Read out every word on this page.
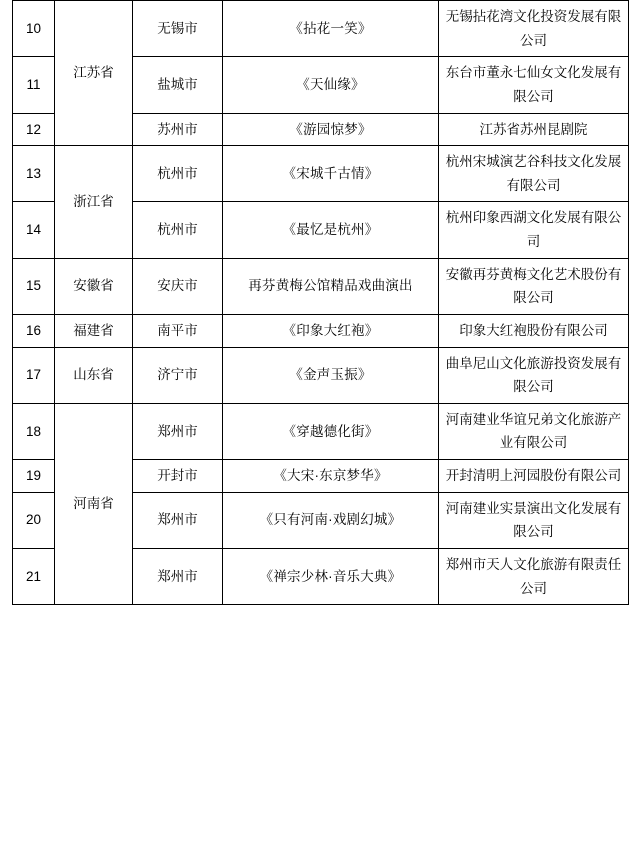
10	江苏省	无锡市	《拈花一笑》	无锡拈花湾文化投资发展有限公司
11		盐城市	《天仙缘》	东台市董永七仙女文化发展有限公司
12		苏州市	《游园惊梦》	江苏省苏州昆剧院
13	浙江省	杭州市	《宋城千古情》	杭州宋城演艺谷科技文化发展有限公司
14		杭州市	《最忆是杭州》	杭州印象西湖文化发展有限公司
15	安徽省	安庆市	再芬黄梅公馆精品戏曲演出	安徽再芬黄梅文化艺术股份有限公司
16	福建省	南平市	《印象大红袍》	印象大红袍股份有限公司
17	山东省	济宁市	《金声玉振》	曲阜尼山文化旅游投资发展有限公司
18	河南省	郑州市	《穿越德化街》	河南建业华谊兄弟文化旅游产业有限公司
19		开封市	《大宋·东京梦华》	开封清明上河园股份有限公司
20		郑州市	《只有河南·戏剧幻城》	河南建业实景演出文化发展有限公司
21		郑州市	《禅宗少林·音乐大典》	郑州市天人文化旅游有限责任公司
